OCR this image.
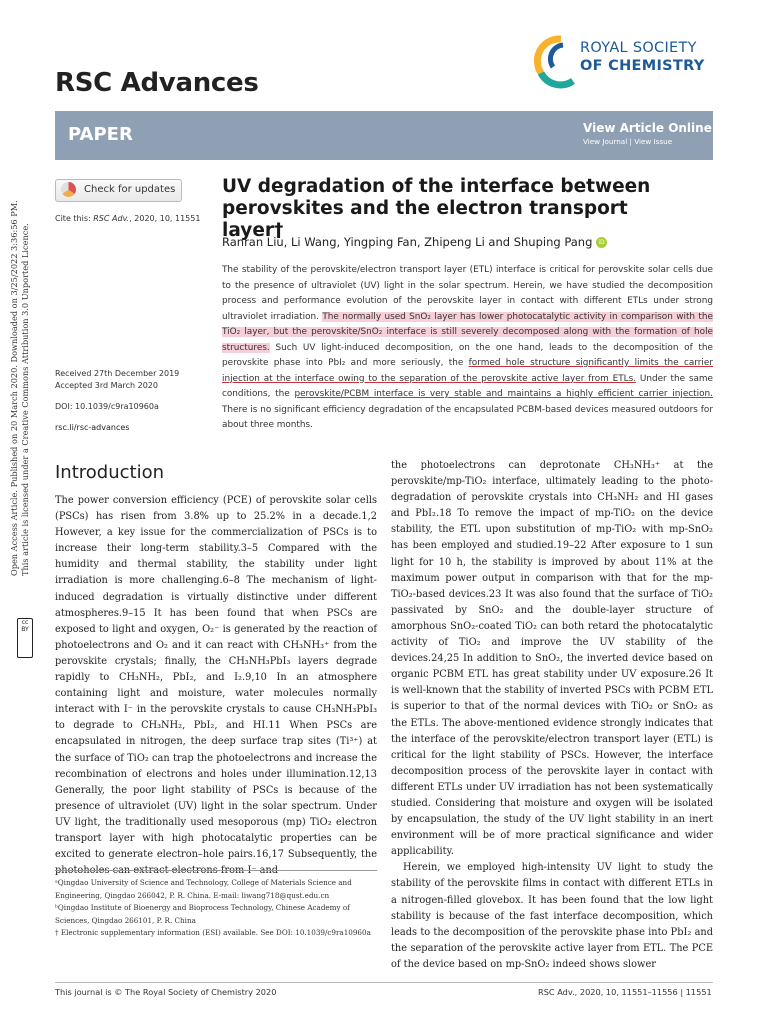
Open Access Article. Published on 20 March 2020. Downloaded on 3/25/2022 3:36:56 PM. This article is licensed under a Creative Commons Attribution 3.0 Unported Licence.
cc BY
RSC Advances
ROYAL SOCIETY
OF CHEMISTRY
PAPER	View Article Online
View Journal | View Issue
Check for updates
Cite this: RSC Adv., 2020, 10, 11551
Received 27th December 2019
Accepted 3rd March 2020
DOI: 10.1039/c9ra10960a
rsc.li/rsc-advances
UV degradation of the interface between perovskites and the electron transport layer†
Ranran Liu, Li Wang, Yingping Fan, Zhipeng Li and Shuping Pang iD
The stability of the perovskite/electron transport layer (ETL) interface is critical for perovskite solar cells due to the presence of ultraviolet (UV) light in the solar spectrum. Herein, we have studied the decomposition process and performance evolution of the perovskite layer in contact with different ETLs under strong ultraviolet irradiation. The normally used SnO₂ layer has lower photocatalytic activity in comparison with the TiO₂ layer, but the perovskite/SnO₂ interface is still severely decomposed along with the formation of hole structures. Such UV light-induced decomposition, on the one hand, leads to the decomposition of the perovskite phase into PbI₂ and more seriously, the formed hole structure significantly limits the carrier injection at the interface owing to the separation of the perovskite active layer from ETLs. Under the same conditions, the perovskite/PCBM interface is very stable and maintains a highly efficient carrier injection. There is no significant efficiency degradation of the encapsulated PCBM-based devices measured outdoors for about three months.
Introduction

The power conversion efficiency (PCE) of perovskite solar cells (PSCs) has risen from 3.8% up to 25.2% in a decade.1,2 However, a key issue for the commercialization of PSCs is to increase their long-term stability.3–5 Compared with the humidity and thermal stability, the stability under light irradiation is more challenging.6–8 The mechanism of light-induced degradation is virtually distinctive under different atmospheres.9–15 It has been found that when PSCs are exposed to light and oxygen, O₂⁻ is generated by the reaction of photoelectrons and O₂ and it can react with CH₃NH₃⁺ from the perovskite crystals; finally, the CH₃NH₃PbI₃ layers degrade rapidly to CH₃NH₂, PbI₂, and I₂.9,10 In an atmosphere containing light and moisture, water molecules normally interact with I⁻ in the perovskite crystals to cause CH₃NH₃PbI₃ to degrade to CH₃NH₂, PbI₂, and HI.11 When PSCs are encapsulated in nitrogen, the deep surface trap sites (Ti³⁺) at the surface of TiO₂ can trap the photoelectrons and increase the recombination of electrons and holes under illumination.12,13 Generally, the poor light stability of PSCs is because of the presence of ultraviolet (UV) light in the solar spectrum. Under UV light, the traditionally used mesoporous (mp) TiO₂ electron transport layer with high photocatalytic properties can be excited to generate electron–hole pairs.16,17 Subsequently, the

the photoelectrons can deprotonate CH₃NH₃⁺ at the perovskite/mp-TiO₂ interface, ultimately leading to the photo-degradation of perovskite crystals into CH₃NH₂ and HI gases and PbI₂.18 To remove the impact of mp-TiO₂ on the device stability, the ETL upon substitution of mp-TiO₂ with mp-SnO₂ has been employed and studied.19–22 After exposure to 1 sun light for 10 h, the stability is improved by about 11% at the maximum power output in comparison with that for the mp-TiO₂-based devices.23 It was also found that the surface of TiO₂ passivated by SnO₂ and the double-layer structure of amorphous SnO₂-coated TiO₂ can both retard the photocatalytic activity of TiO₂ and improve the UV stability of the devices.24,25 In addition to SnO₂, the inverted device based on organic PCBM ETL has great stability under UV exposure.26 It is well-known that the stability of inverted PSCs with PCBM ETL is superior to that of the normal devices with TiO₂ or SnO₂ as the ETLs. The above-mentioned evidence strongly indicates that the interface of the perovskite/electron transport layer (ETL) is critical for the light stability of PSCs. However, the interface decomposition process of the perovskite layer in contact with different ETLs under UV irradiation has not been systematically studied. Considering that moisture and oxygen will be isolated by encapsulation, the study of the UV light stability in an inert environment will be of more practical significance and wider applicability.

Herein, we employed high-intensity UV light to study the stability of the perovskite films in contact with different ETLs in a nitrogen-filled glovebox. It has been found that the low light stability is because of the fast interface decomposition, which leads to the decomposition of the perovskite phase into PbI₂ and the separation of the perovskite active layer from ETL. The PCE of the device based on mp-SnO₂ indeed shows slower

ᵃQingdao University of Science and Technology, College of Materials Science and Engineering, Qingdao 266042, P. R. China. E-mail: liwang718@qust.edu.cn

ᵇQingdao Institute of Bioenergy and Bioprocess Technology, Chinese Academy of Sciences, Qingdao 266101, P. R. China

† Electronic supplementary information (ESI) available. See DOI: 10.1039/c9ra10960a

This journal is © The Royal Society of Chemistry 2020	RSC Adv., 2020, 10, 11551–11556 | 11551
